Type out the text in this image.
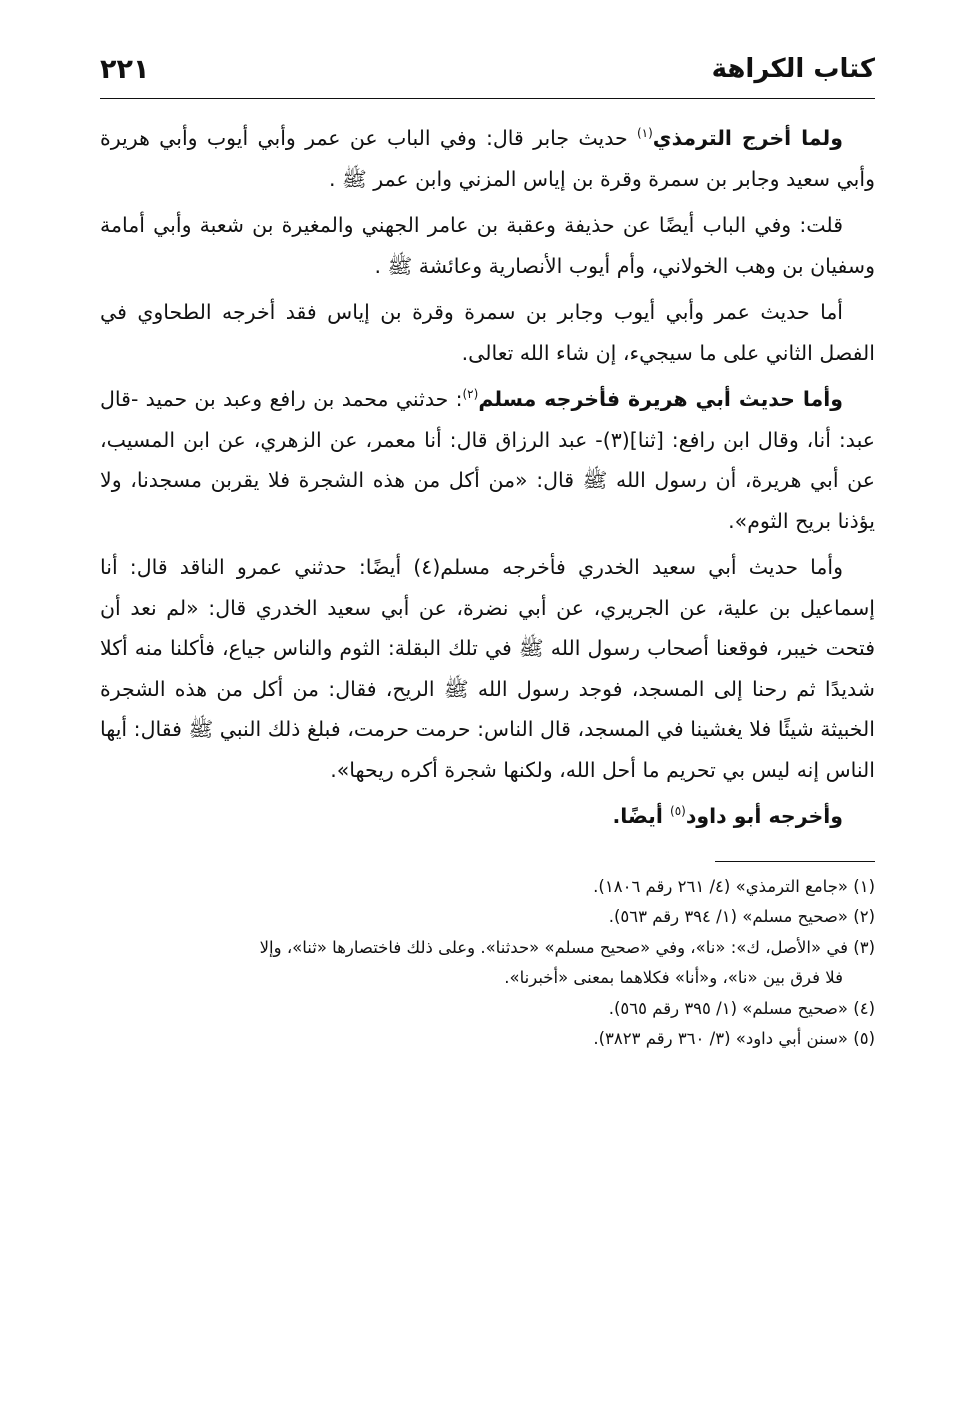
كتاب الكراهة
٢٢١

ولما أخرج الترمذي$^{(١)}$ حديث جابر قال: وفي الباب عن عمر وأبي أيوب وأبي هريرة وأبي سعيد وجابر بن سمرة وقرة بن إياس المزني وابن عمر ﷺ .

قلت: وفي الباب أيضًا عن حذيفة وعقبة بن عامر الجهني والمغيرة بن شعبة وأبي أمامة وسفيان بن وهب الخولاني، وأم أيوب الأنصارية وعائشة ﷺ .

أما حديث عمر وأبي أيوب وجابر بن سمرة وقرة بن إياس فقد أخرجه الطحاوي في الفصل الثاني على ما سيجيء، إن شاء الله تعالى.

وأما حديث أبي هريرة فأخرجه مسلم$^{(٢)}$: حدثني محمد بن رافع وعبد بن حميد -قال عبد: أنا، وقال ابن رافع: [ثنا](٣)- عبد الرزاق قال: أنا معمر، عن الزهري، عن ابن المسيب، عن أبي هريرة، أن رسول الله ﷺ قال: «من أكل من هذه الشجرة فلا يقربن مسجدنا، ولا يؤذنا بريح الثوم».

وأما حديث أبي سعيد الخدري فأخرجه مسلم(٤) أيضًا: حدثني عمرو الناقد قال: أنا إسماعيل بن علية، عن الجريري، عن أبي نضرة، عن أبي سعيد الخدري قال: «لم نعد أن فتحت خيبر، فوقعنا أصحاب رسول الله ﷺ في تلك البقلة: الثوم والناس جياع، فأكلنا منه أكلا شديدًا ثم رحنا إلى المسجد، فوجد رسول الله ﷺ الريح، فقال: من أكل من هذه الشجرة الخبيثة شيئًا فلا يغشينا في المسجد، قال الناس: حرمت حرمت، فبلغ ذلك النبي ﷺ فقال: أيها الناس إنه ليس بي تحريم ما أحل الله، ولكنها شجرة أكره ريحها».

وأخرجه أبو داود$^{(٥)}$ أيضًا.

(١) «جامع الترمذي» (٤/ ٢٦١ رقم ١٨٠٦).

(٢) «صحيح مسلم» (١/ ٣٩٤ رقم ٥٦٣).

(٣) في «الأصل، ك»: «نا»، وفي «صحيح مسلم» «حدثنا». وعلى ذلك فاختصارها «ثنا»، وإلا

فلا فرق بين «نا»، و«أنا» فكلاهما بمعنى «أخبرنا».

(٤) «صحيح مسلم» (١/ ٣٩٥ رقم ٥٦٥).

(٥) «سنن أبي داود» (٣/ ٣٦٠ رقم ٣٨٢٣).
